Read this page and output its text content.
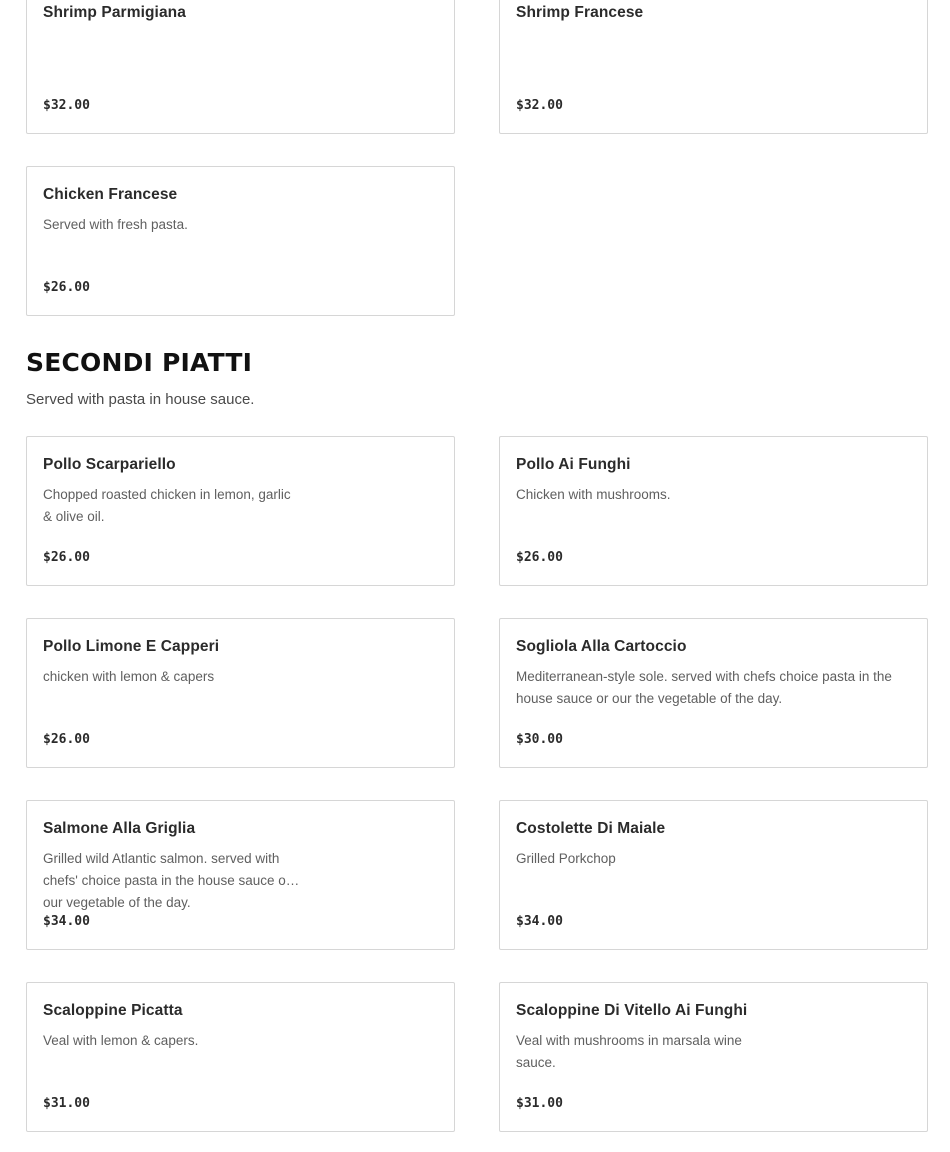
Shrimp Parmigiana
$32.00
Shrimp Francese
$32.00
Chicken Francese
Served with fresh pasta.
$26.00
SECONDI PIATTI
Served with pasta in house sauce.
Pollo Scarpariello
Chopped roasted chicken in lemon, garlic & olive oil.
$26.00
Pollo Ai Funghi
Chicken with mushrooms.
$26.00
Pollo Limone E Capperi
chicken with lemon & capers
$26.00
Sogliola Alla Cartoccio
Mediterranean-style sole. served with chefs choice pasta in the house sauce or our the vegetable of the day.
$30.00
Salmone Alla Griglia
Grilled wild Atlantic salmon. served with chefs' choice pasta in the house sauce or our vegetable of the day.
$34.00
Costolette Di Maiale
Grilled Porkchop
$34.00
Scaloppine Picatta
Veal with lemon & capers.
$31.00
Scaloppine Di Vitello Ai Funghi
Veal with mushrooms in marsala wine sauce.
$31.00
